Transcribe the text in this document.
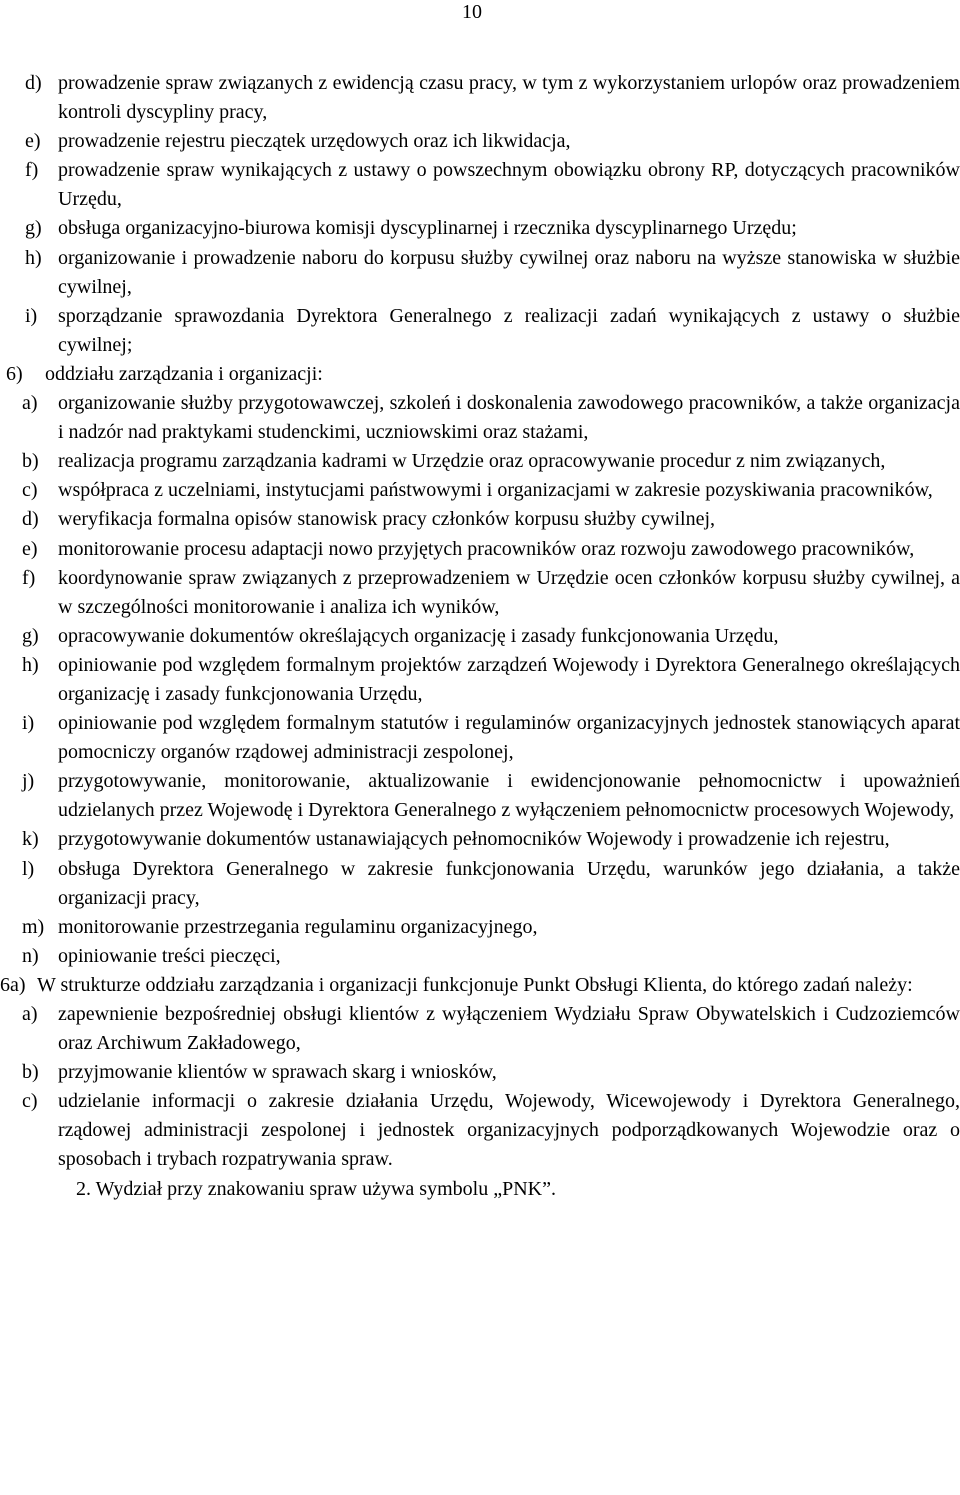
10
d) prowadzenie spraw związanych z ewidencją czasu pracy, w tym z wykorzystaniem urlopów oraz prowadzeniem kontroli dyscypliny pracy,
e) prowadzenie rejestru pieczątek urzędowych oraz ich likwidacja,
f) prowadzenie spraw wynikających z ustawy o powszechnym obowiązku obrony RP, dotyczących pracowników Urzędu,
g) obsługa organizacyjno-biurowa komisji dyscyplinarnej i rzecznika dyscyplinarnego Urzędu;
h) organizowanie i prowadzenie naboru do korpusu służby cywilnej oraz naboru na wyższe stanowiska w służbie cywilnej,
i)	sporządzanie sprawozdania Dyrektora Generalnego z realizacji zadań wynikających z ustawy o służbie cywilnej;
6)	oddziału zarządzania i organizacji:
a)	organizowanie służby przygotowawczej, szkoleń i doskonalenia zawodowego pracowników, a także organizacja i nadzór nad praktykami studenckimi, uczniowskimi oraz stażami,
b) realizacja programu zarządzania kadrami w Urzędzie oraz opracowywanie procedur z nim związanych,
c)	współpraca z uczelniami, instytucjami państwowymi i organizacjami w zakresie pozyskiwania pracowników,
d) weryfikacja formalna opisów stanowisk pracy członków korpusu służby cywilnej,
e)	monitorowanie procesu adaptacji nowo przyjętych pracowników oraz rozwoju zawodowego pracowników,
f)	koordynowanie spraw związanych z przeprowadzeniem w Urzędzie ocen członków korpusu służby cywilnej, a w szczególności monitorowanie i analiza ich wyników,
g) opracowywanie dokumentów określających organizację i zasady funkcjonowania Urzędu,
h) opiniowanie pod względem formalnym projektów zarządzeń Wojewody i Dyrektora Generalnego określających organizację i zasady funkcjonowania Urzędu,
i)	opiniowanie pod względem formalnym statutów i regulaminów organizacyjnych jednostek stanowiących aparat pomocniczy organów rządowej administracji zespolonej,
j)	przygotowywanie, monitorowanie, aktualizowanie i ewidencjonowanie pełnomocnictw i upoważnień udzielanych przez Wojewodę i Dyrektora Generalnego z wyłączeniem pełnomocnictw procesowych Wojewody,
k) przygotowywanie dokumentów ustanawiających pełnomocników Wojewody i prowadzenie ich rejestru,
l)	obsługa Dyrektora Generalnego w zakresie funkcjonowania Urzędu, warunków jego działania, a także organizacji pracy,
m) monitorowanie przestrzegania regulaminu organizacyjnego,
n) opiniowanie treści pieczęci,
6a) W strukturze oddziału zarządzania i organizacji funkcjonuje Punkt Obsługi Klienta, do którego zadań należy:
a)	zapewnienie bezpośredniej obsługi klientów z wyłączeniem Wydziału Spraw Obywatelskich i Cudzoziemców oraz Archiwum Zakładowego,
b) przyjmowanie klientów w sprawach skarg i wniosków,
c)	udzielanie informacji o zakresie działania Urzędu, Wojewody, Wicewojewody i Dyrektora Generalnego, rządowej administracji zespolonej i jednostek organizacyjnych podporządkowanych Wojewodzie oraz o sposobach i trybach rozpatrywania spraw.
2. Wydział przy znakowaniu spraw używa symbolu „PNK”.
